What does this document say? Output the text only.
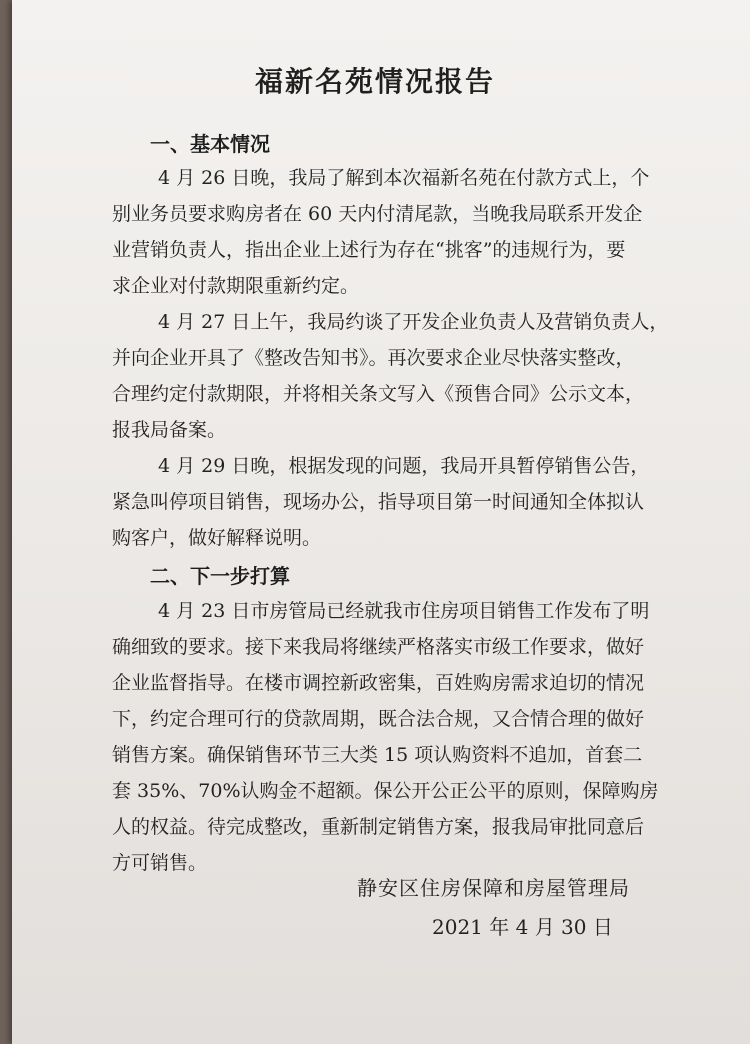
福新名苑情况报告
一、基本情况
4 月 26 日晚，我局了解到本次福新名苑在付款方式上，个
别业务员要求购房者在 60 天内付清尾款，当晚我局联系开发企
业营销负责人，指出企业上述行为存在“挑客”的违规行为，要
求企业对付款期限重新约定。
4 月 27 日上午，我局约谈了开发企业负责人及营销负责人，
并向企业开具了《整改告知书》。再次要求企业尽快落实整改，
合理约定付款期限，并将相关条文写入《预售合同》公示文本，
报我局备案。
4 月 29 日晚，根据发现的问题，我局开具暂停销售公告，
紧急叫停项目销售，现场办公，指导项目第一时间通知全体拟认
购客户，做好解释说明。
二、下一步打算
4 月 23 日市房管局已经就我市住房项目销售工作发布了明
确细致的要求。接下来我局将继续严格落实市级工作要求，做好
企业监督指导。在楼市调控新政密集，百姓购房需求迫切的情况
下，约定合理可行的贷款周期，既合法合规，又合情合理的做好
销售方案。确保销售环节三大类 15 项认购资料不追加，首套二
套 35%、70%认购金不超额。保公开公正公平的原则，保障购房
人的权益。待完成整改，重新制定销售方案，报我局审批同意后
方可销售。
静安区住房保障和房屋管理局
2021 年 4 月 30 日
